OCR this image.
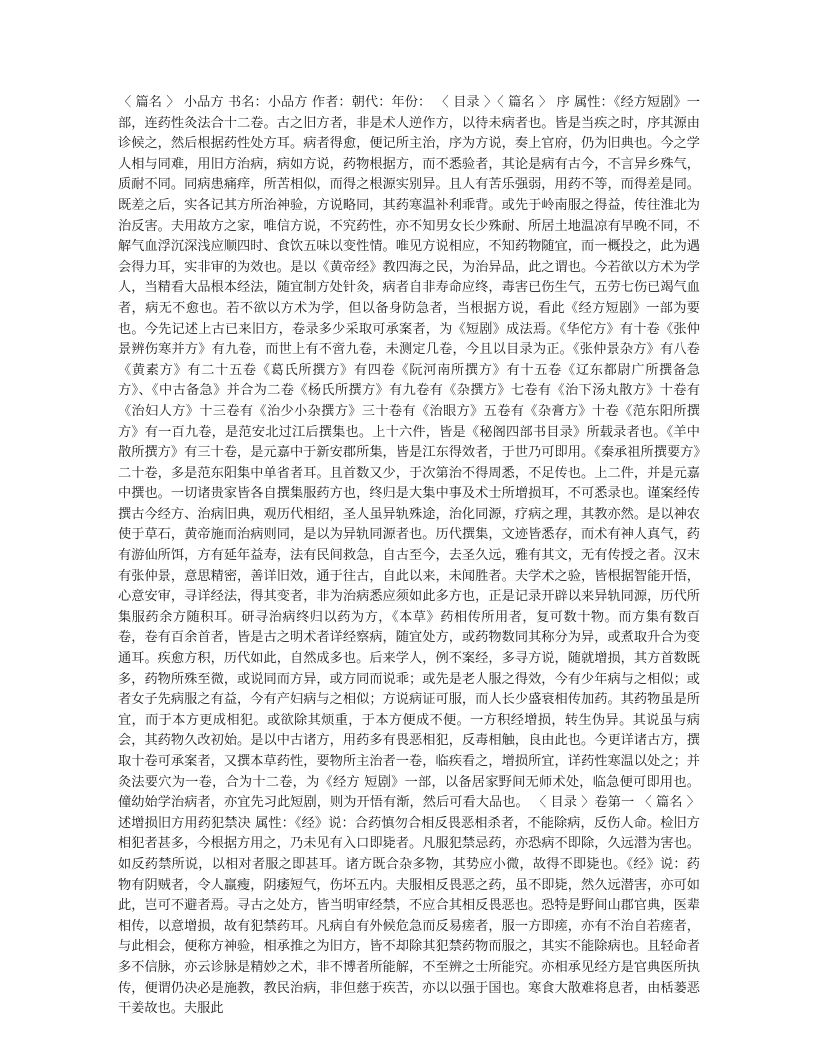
〈 篇名 〉 小品方 书名：小品方 作者：朝代：年份： 〈 目录 〉〈 篇名 〉 序 属性：《经方短剧》一部，连药性灸法合十二卷。古之旧方者，非是术人逆作方，以待未病者也。皆是当疾之时，序其源由诊候之，然后根据药性处方耳。病者得愈，便记所主治，序为方说，奏上官府，仍为旧典也。今之学人相与同难，用旧方治病，病如方说，药物根据方，而不悉验者，其论是病有古今，不言异乡殊气，质耐不同。同病患痛痒，所苦相似，而得之根源实别异。且人有苦乐强弱，用药不等，而得差是同。既差之后，实各记其方所治神验，方说略同，其药寒温补利乖背。或先于岭南服之得益，传往淮北为治反害。夫用故方之家，唯信方说，不究药性，亦不知男女长少殊耐、所居土地温凉有早晚不同，不解气血浮沉深浅应顺四时、食饮五味以变性情。唯见方说相应，不知药物随宜，而一概投之，此为遇会得力耳，实非审的为效也。是以《黄帝经》教四海之民，为治异品，此之谓也。今若欲以方术为学人，当精看大品根本经法，随宜制方处针灸，病者自非寿命应终，毒害已伤生气，五劳七伤已竭气血者，病无不愈也。若不欲以方术为学，但以备身防急者，当根据方说，看此《经方短剧》一部为要也。今先记述上古已来旧方，卷录多少采取可承案者，为《短剧》成法焉。《华佗方》有十卷《张仲景辨伤寒并方》有九卷，而世上有不啻九卷，未测定几卷，今且以目录为正。《张仲景杂方》有八卷《黄素方》有二十五卷《葛氏所撰方》有四卷《阮河南所撰方》有十五卷《辽东都尉广所撰备急方》、《中古备急》并合为二卷《杨氏所撰方》有九卷有《杂撰方》七卷有《治下汤丸散方》十卷有《治妇人方》十三卷有《治少小杂撰方》三十卷有《治眼方》五卷有《杂膏方》十卷《范东阳所撰方》有一百九卷，是范安北过江后撰集也。上十六件，皆是《秘阁四部书目录》所载录者也。《羊中散所撰方》有三十卷，是元嘉中于新安郡所集，皆是江东得效者，于世乃可即用。《秦承祖所撰要方》二十卷，多是范东阳集中单省者耳。且首数又少，于次第治不得周悉，不足传也。上二件，并是元嘉中撰也。一切诸贵家皆各自撰集服药方也，终归是大集中事及术士所增损耳，不可悉录也。谨案经传撰古今经方、治病旧典，观历代相绍，圣人虽异轨殊途，治化同源，疗病之理，其教亦然。是以神农使于草石，黄帝施而治病则同，是以为异轨同源者也。历代撰集，文迹皆悉存，而术有神人真气，药有游仙所饵，方有延年益寿，法有民间救急，自古至今，去圣久远，雅有其文，无有传授之者。汉末有张仲景，意思精密，善详旧效，通于往古，自此以来，未闻胜者。夫学术之验，皆根据智能开悟，心意安审，寻详经法，得其变者，非为治病悉应须如此多方也，正是记录开辟以来异轨同源，历代所集服药余方随积耳。研寻治病终归以药为方，《本草》药相传所用者，复可数十物。而方集有数百卷，卷有百余首者，皆是古之明术者详经察病，随宜处方，或药物数同其称分为异，或煮取升合为变通耳。疾愈方积，历代如此，自然成多也。后来学人，例不案经，多寻方说，随就增损，其方首数既多，药物所殊至微，或说同而方异，或方同而说乖；或先是老人服之得效，今有少年病与之相似；或者女子先病服之有益，今有产妇病与之相似；方说病证可服，而人长少盛衰相传加药。其药物虽是所宜，而于本方更成相犯。或欲除其烦重，于本方便成不便。一方积经增损，转生伪异。其说虽与病会，其药物久改初始。是以中古诸方，用药多有畏恶相犯，反毒相触，良由此也。今更详诸古方，撰取十卷可承案者，又撰本草药性，要物所主治者一卷，临疾看之，增损所宜，详药性寒温以处之；并灸法要穴为一卷，合为十二卷，为《经方 短剧》一部，以备居家野间无师术处，临急便可即用也。僮幼始学治病者，亦宜先习此短剧，则为开悟有渐，然后可看大品也。 〈 目录 〉卷第一 〈 篇名 〉 述增损旧方用药犯禁决 属性：《经》说：合药慎勿合相反畏恶相杀者，不能除病，反伤人命。检旧方相犯者甚多，今根据方用之，乃未见有入口即毙者。凡服犯禁忌药，亦恐病不即除，久远潜为害也。如反药禁所说，以相对者服之即甚耳。诸方既合杂多物，其势应小微，故得不即毙也。《经》说：药物有阴贼者，令人羸瘦，阴痿短气，伤坏五内。夫服相反畏恶之药，虽不即毙，然久远潜害，亦可如此，岂可不避者焉。寻古之处方，皆当明审经禁，不应合其相反畏恶也。恐特是野间山郡官典，医辈相传，以意增损，故有犯禁药耳。凡病自有外候危急而反易瘥者，服一方即瘥，亦有不治自若瘥者，与此相会，便称方神验，相承推之为旧方，皆不却除其犯禁药物而服之，其实不能除病也。且轻命者多不信脉，亦云诊脉是精妙之术，非不博者所能解，不至辨之士所能究。亦相承见经方是官典医所执传，便谓仍决必是施教，教民治病，非但慈于疾苦，亦以以强于国也。寒食大散难将息者，由栝蒌恶干姜故也。夫服此
